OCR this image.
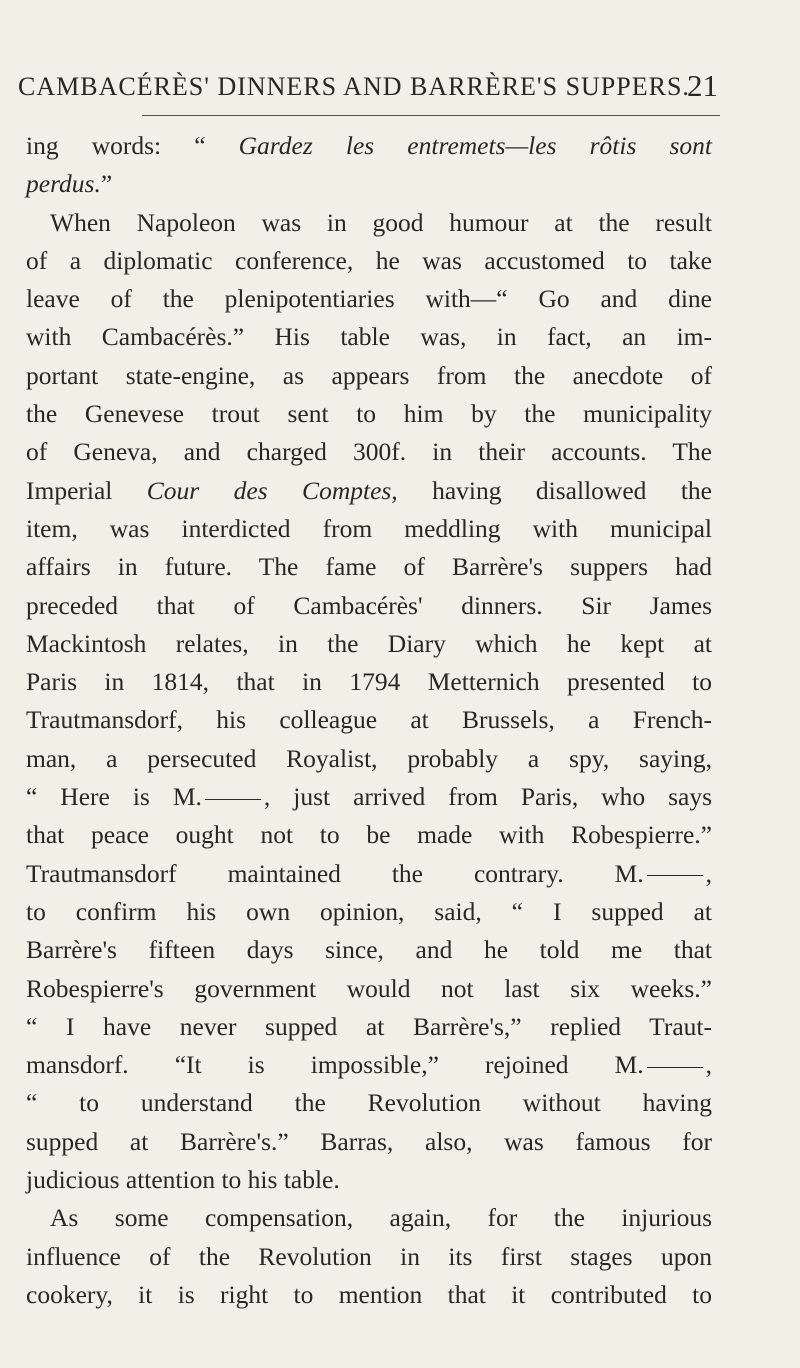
CAMBACÉRÈS' DINNERS AND BARRÈRE'S SUPPERS.
21
ing words: “ Gardez les entremets—les rôtis sont
perdus.”
When Napoleon was in good humour at the result
of a diplomatic conference, he was accustomed to take
leave of the plenipotentiaries with—“ Go and dine
with Cambacérès.” His table was, in fact, an im-
portant state-engine, as appears from the anecdote of
the Genevese trout sent to him by the municipality
of Geneva, and charged 300f. in their accounts. The
Imperial Cour des Comptes, having disallowed the
item, was interdicted from meddling with municipal
affairs in future. The fame of Barrère's suppers had
preceded that of Cambacérès' dinners. Sir James
Mackintosh relates, in the Diary which he kept at
Paris in 1814, that in 1794 Metternich presented to
Trautmansdorf, his colleague at Brussels, a French-
man, a persecuted Royalist, probably a spy, saying,
“ Here is M. , just arrived from Paris, who says
that peace ought not to be made with Robespierre.”
Trautmansdorf maintained the contrary. M. ,
to confirm his own opinion, said, “ I supped at
Barrère's fifteen days since, and he told me that
Robespierre's government would not last six weeks.”
“ I have never supped at Barrère's,” replied Traut-
mansdorf. “It is impossible,” rejoined M. ,
“ to understand the Revolution without having
supped at Barrère's.” Barras, also, was famous for
judicious attention to his table.
As some compensation, again, for the injurious
influence of the Revolution in its first stages upon
cookery, it is right to mention that it contributed to
